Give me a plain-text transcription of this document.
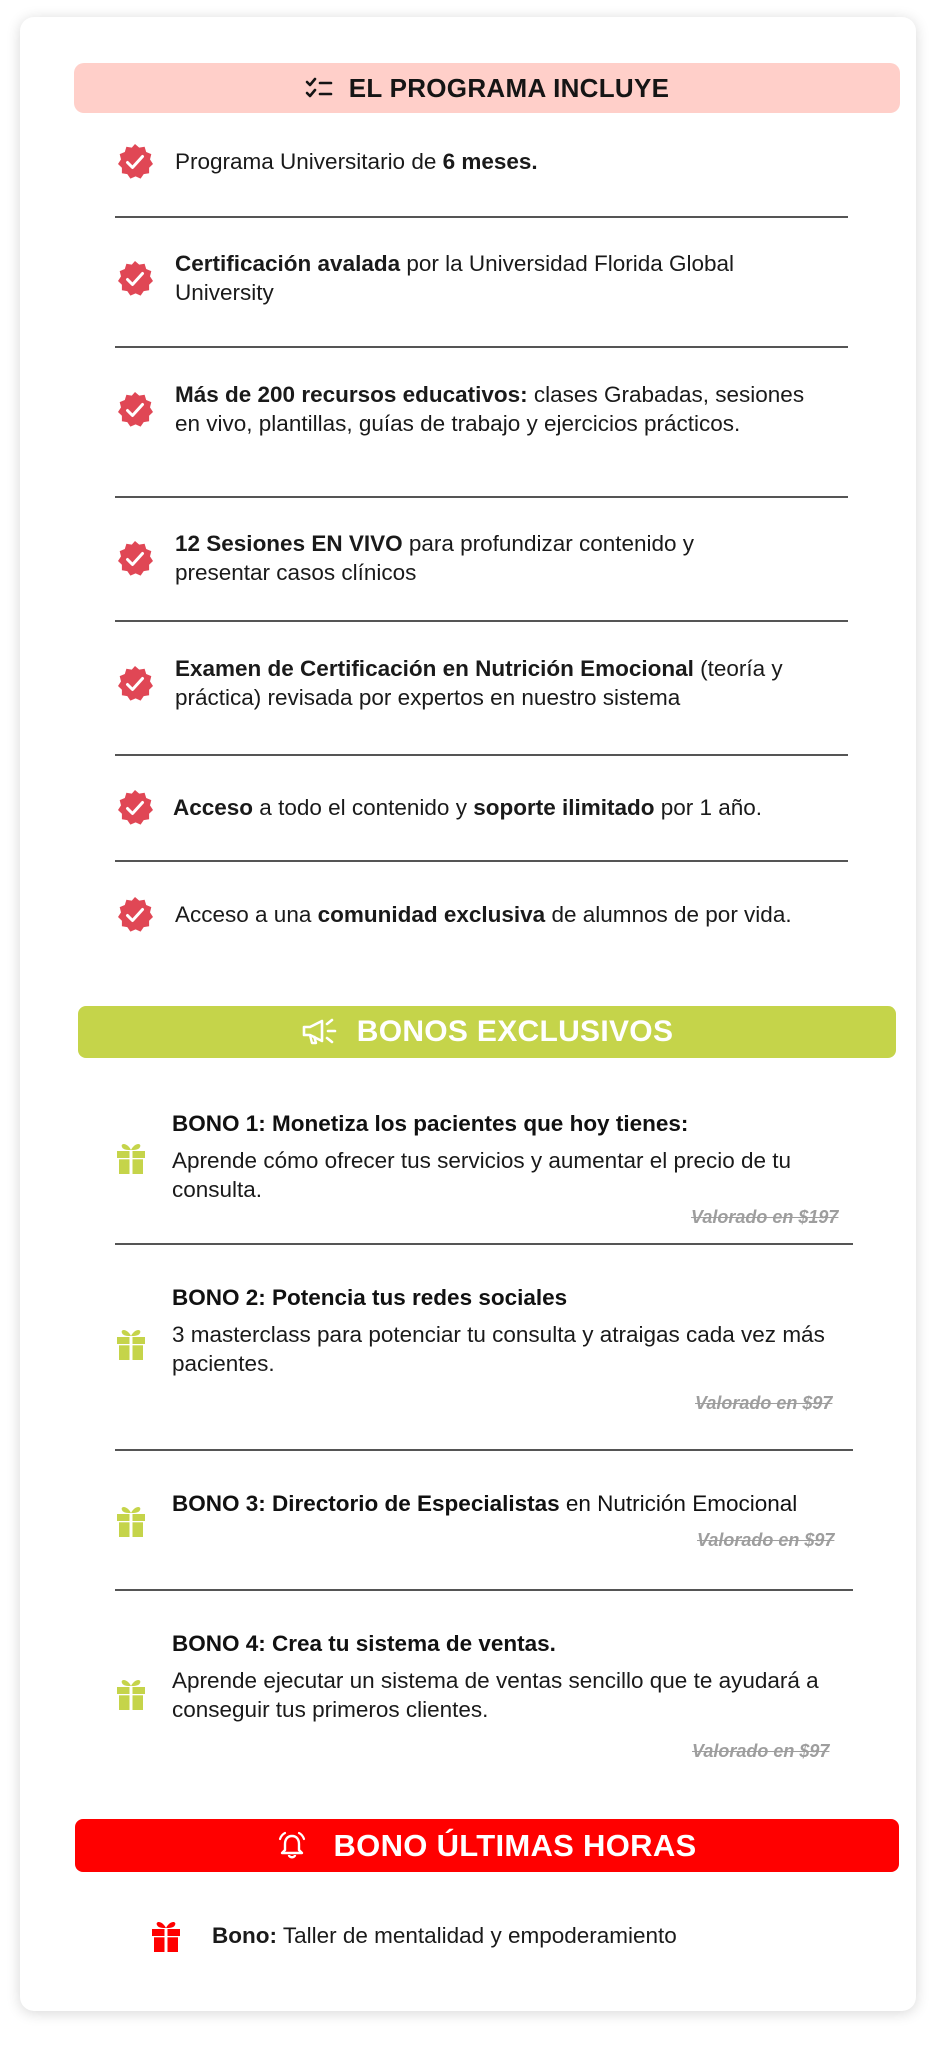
EL PROGRAMA INCLUYE
Programa Universitario de 6 meses.
Certificación avalada por la Universidad Florida Global University
Más de 200 recursos educativos: clases Grabadas, sesiones en vivo, plantillas, guías de trabajo y ejercicios prácticos.
12 Sesiones EN VIVO para profundizar contenido y presentar casos clínicos
Examen de Certificación en Nutrición Emocional (teoría y práctica) revisada por expertos en nuestro sistema
Acceso a todo el contenido y soporte ilimitado por 1 año.
Acceso a una comunidad exclusiva de alumnos de por vida.
BONOS EXCLUSIVOS
BONO 1: Monetiza los pacientes que hoy tienes:
Aprende cómo ofrecer tus servicios y aumentar el precio de tu consulta.
Valorado en $197
BONO 2: Potencia tus redes sociales
3 masterclass para potenciar tu consulta y atraigas cada vez más pacientes.
Valorado en $97
BONO 3: Directorio de Especialistas en Nutrición Emocional
Valorado en $97
BONO 4: Crea tu sistema de ventas.
Aprende ejecutar un sistema de ventas sencillo que te ayudará a conseguir tus primeros clientes.
Valorado en $97
BONO ÚLTIMAS HORAS
Bono: Taller de mentalidad y empoderamiento
